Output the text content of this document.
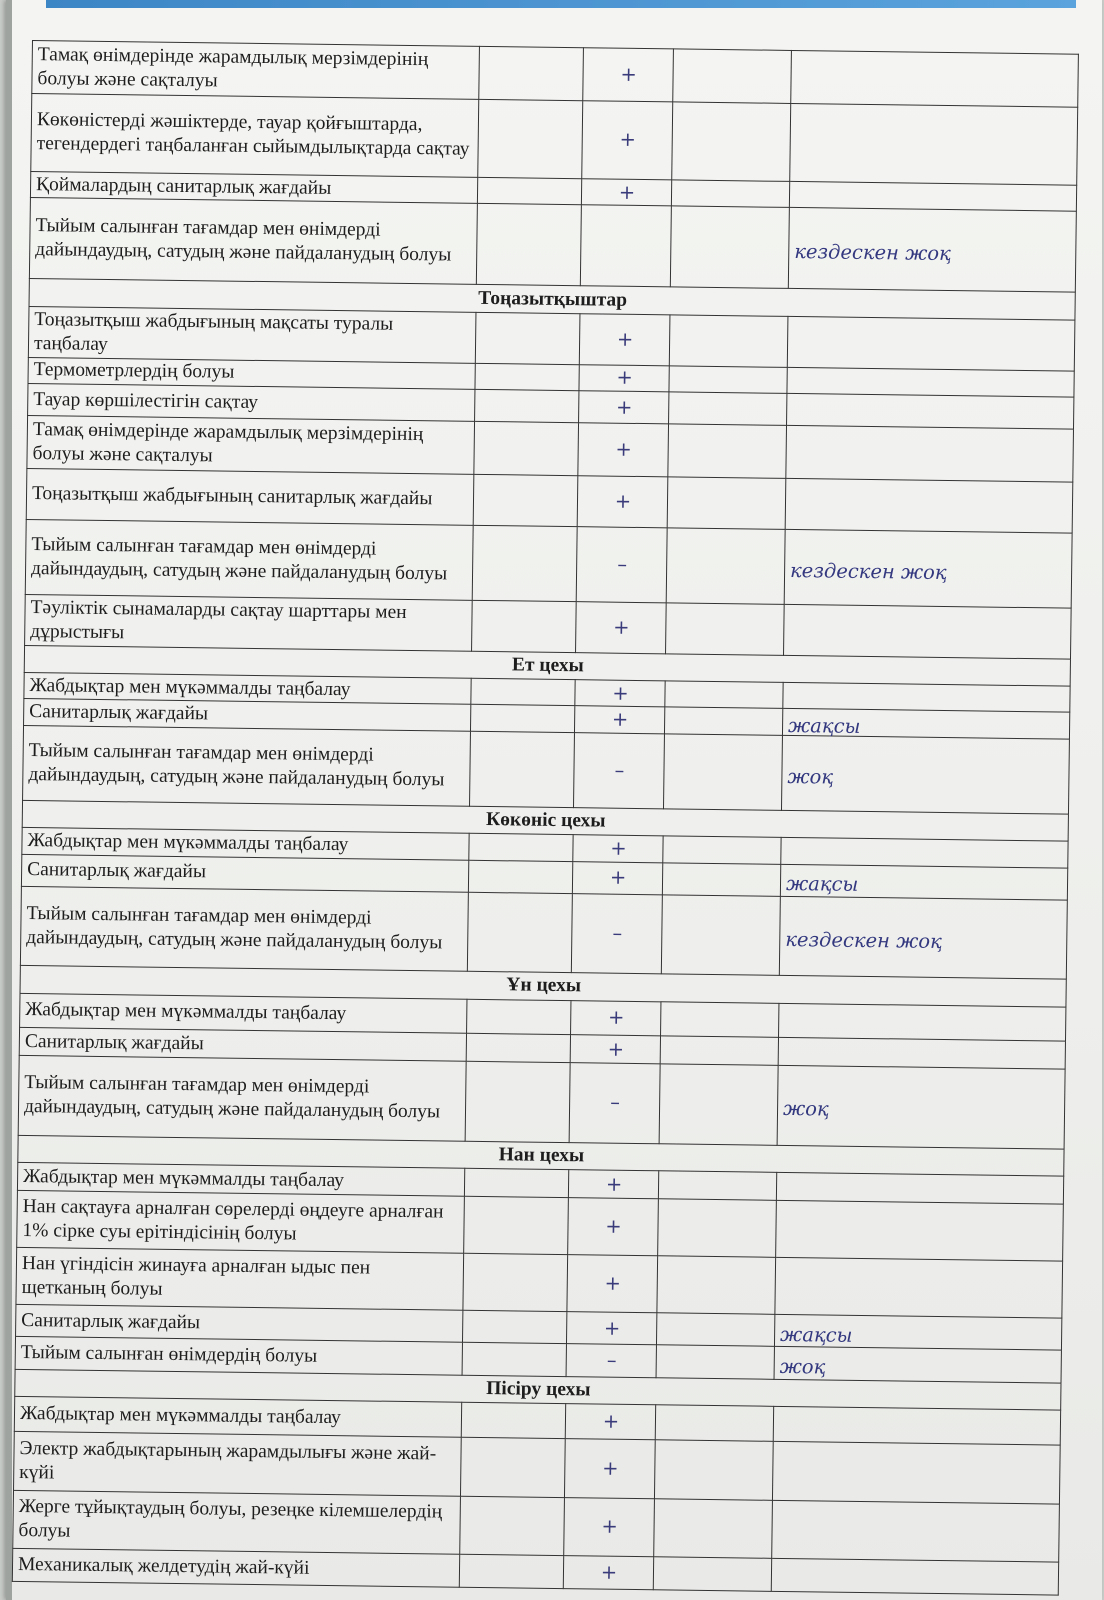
Тамақ өнімдерінде жарамдылық мерзімдерінің болуы және сақталуы		+		
Көкөністерді жәшіктерде, тауар қойғыштарда, тегендердегі таңбаланған сыйымдылықтарда сақтау		+		
Қоймалардың санитарлық жағдайы		+		
Тыйым салынған тағамдар мен өнімдерді дайындаудың, сатудың және пайдаланудың болуы				кездескен жоқ
Тоңазытқыштар				
Тоңазытқыш жабдығының мақсаты туралы таңбалау		+		
Термометрлердің болуы		+		
Тауар көршілестігін сақтау		+		
Тамақ өнімдерінде жарамдылық мерзімдерінің болуы және сақталуы		+		
Тоңазытқыш жабдығының санитарлық жағдайы		+		
Тыйым салынған тағамдар мен өнімдерді дайындаудың, сатудың және пайдаланудың болуы		–		кездескен жоқ
Тәуліктік сынамаларды сақтау шарттары мен дұрыстығы		+		
Ет цехы				
Жабдықтар мен мүкәммалды таңбалау		+		
Санитарлық жағдайы		+		жақсы
Тыйым салынған тағамдар мен өнімдерді дайындаудың, сатудың және пайдаланудың болуы		–		жоқ
Көкөніс цехы				
Жабдықтар мен мүкәммалды таңбалау		+		
Санитарлық жағдайы		+		жақсы
Тыйым салынған тағамдар мен өнімдерді дайындаудың, сатудың және пайдаланудың болуы		–		кездескен жоқ
Ұн цехы				
Жабдықтар мен мүкәммалды таңбалау		+		
Санитарлық жағдайы		+		
Тыйым салынған тағамдар мен өнімдерді дайындаудың, сатудың және пайдаланудың болуы		–		жоқ
Нан цехы				
Жабдықтар мен мүкәммалды таңбалау		+		
Нан сақтауға арналған сөрелерді өңдеуге арналған 1% сірке суы ерітіндісінің болуы		+		
Нан үгіндісін жинауға арналған ыдыс пен щетканың болуы		+		
Санитарлық жағдайы		+		жақсы
Тыйым салынған өнімдердің болуы		–		жоқ
Пісіру цехы				
Жабдықтар мен мүкәммалды таңбалау		+		
Электр жабдықтарының жарамдылығы және жай-күйі		+		
Жерге тұйықтаудың болуы, резеңке кілемшелердің болуы		+		
Механикалық желдетудің жай-күйі		+		
